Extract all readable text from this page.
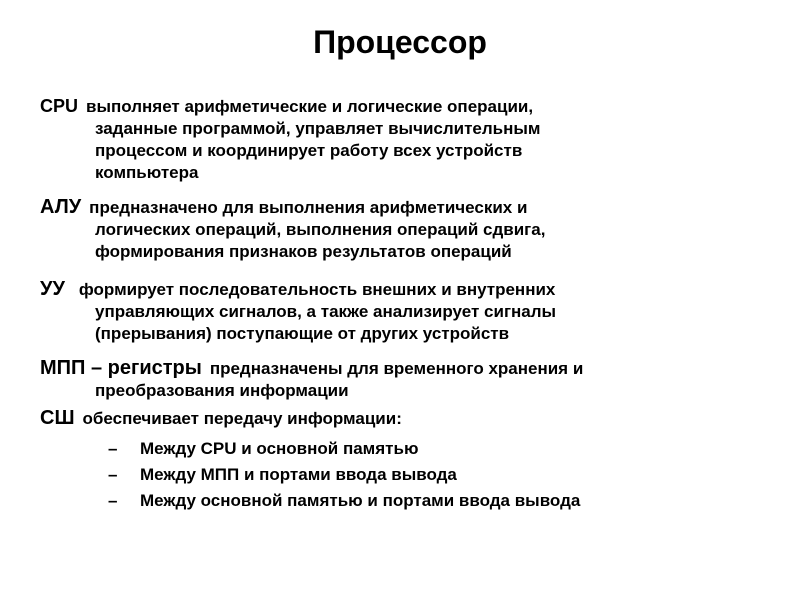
Процессор
CPU выполняет арифметические и логические операции,
заданные программой, управляет вычислительным
процессом и координирует работу всех устройств
компьютера
АЛУ предназначено для выполнения арифметических и
логических операций, выполнения операций сдвига,
формирования признаков результатов операций
УУ формирует последовательность внешних и внутренних
управляющих сигналов, а также анализирует сигналы
(прерывания) поступающие от других устройств
МПП – регистры предназначены для временного хранения и
преобразования информации
СШ обеспечивает передачу информации:
– Между CPU и основной памятью
– Между МПП и портами ввода вывода
– Между основной памятью и портами ввода вывода
